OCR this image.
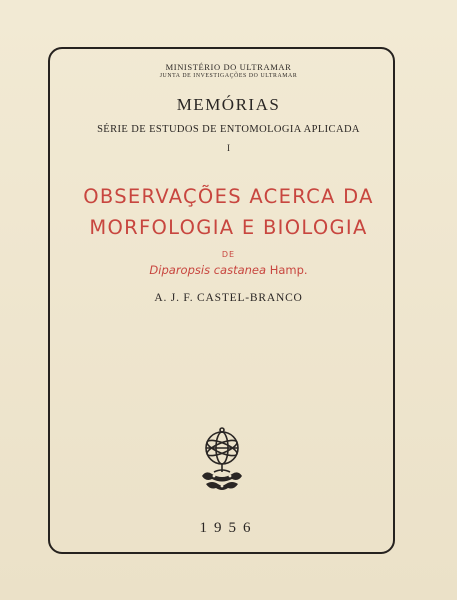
MINISTÉRIO DO ULTRAMAR
JUNTA DE INVESTIGAÇÕES DO ULTRAMAR
MEMÓRIAS
SÉRIE DE ESTUDOS DE ENTOMOLOGIA APLICADA
I
OBSERVAÇÕES ACERCA DA
MORFOLOGIA E BIOLOGIA
DE
Diparopsis castanea Hamp.
A. J. F. CASTEL-BRANCO
1956
